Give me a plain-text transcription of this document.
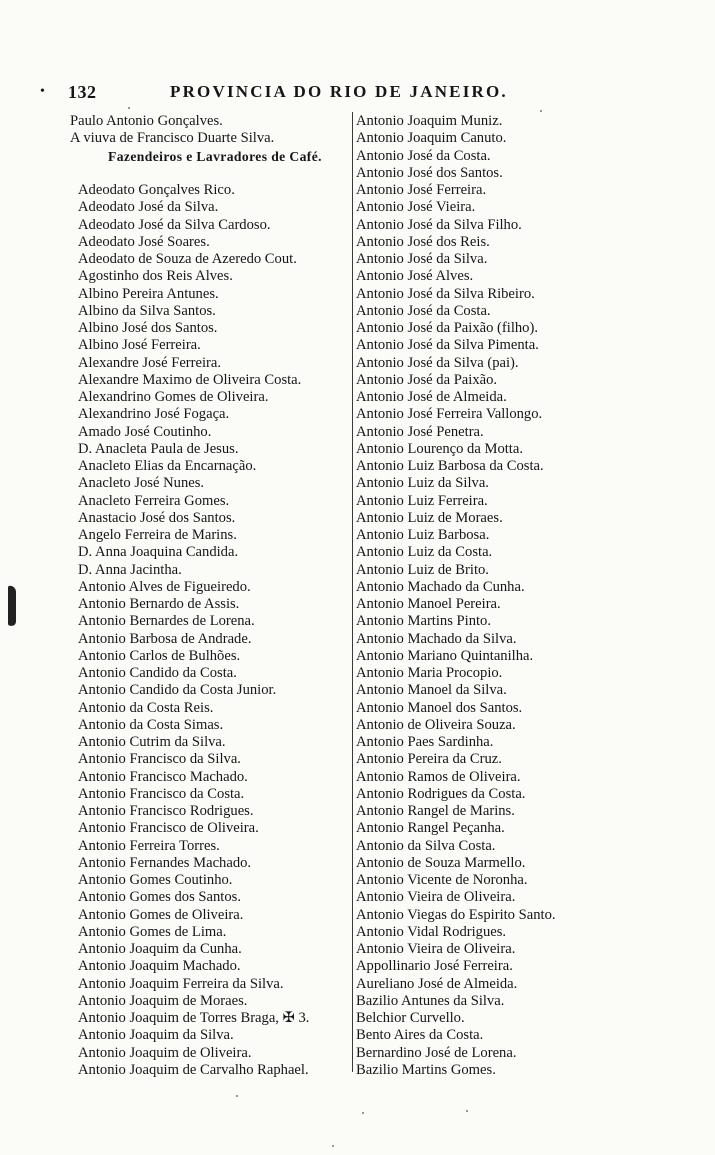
• 132	PROVINCIA DO RIO DE JANEIRO.
Paulo Antonio Gonçalves.
A viuva de Francisco Duarte Silva.
Fazendeiros e Lavradores de Café.
Adeodato Gonçalves Rico.
Adeodato José da Silva.
Adeodato José da Silva Cardoso.
Adeodato José Soares.
Adeodato de Souza de Azeredo Cout.
Agostinho dos Reis Alves.
Albino Pereira Antunes.
Albino da Silva Santos.
Albino José dos Santos.
Albino José Ferreira.
Alexandre José Ferreira.
Alexandre Maximo de Oliveira Costa.
Alexandrino Gomes de Oliveira.
Alexandrino José Fogaça.
Amado José Coutinho.
D. Anacleta Paula de Jesus.
Anacleto Elias da Encarnação.
Anacleto José Nunes.
Anacleto Ferreira Gomes.
Anastacio José dos Santos.
Angelo Ferreira de Marins.
D. Anna Joaquina Candida.
D. Anna Jacintha.
Antonio Alves de Figueiredo.
Antonio Bernardo de Assis.
Antonio Bernardes de Lorena.
Antonio Barbosa de Andrade.
Antonio Carlos de Bulhões.
Antonio Candido da Costa.
Antonio Candido da Costa Junior.
Antonio da Costa Reis.
Antonio da Costa Simas.
Antonio Cutrim da Silva.
Antonio Francisco da Silva.
Antonio Francisco Machado.
Antonio Francisco da Costa.
Antonio Francisco Rodrigues.
Antonio Francisco de Oliveira.
Antonio Ferreira Torres.
Antonio Fernandes Machado.
Antonio Gomes Coutinho.
Antonio Gomes dos Santos.
Antonio Gomes de Oliveira.
Antonio Gomes de Lima.
Antonio Joaquim da Cunha.
Antonio Joaquim Machado.
Antonio Joaquim Ferreira da Silva.
Antonio Joaquim de Moraes.
Antonio Joaquim de Torres Braga, ✠ 3.
Antonio Joaquim da Silva.
Antonio Joaquim de Oliveira.
Antonio Joaquim de Carvalho Raphael.
Antonio Joaquim Muniz.
Antonio Joaquim Canuto.
Antonio José da Costa.
Antonio José dos Santos.
Antonio José Ferreira.
Antonio José Vieira.
Antonio José da Silva Filho.
Antonio José dos Reis.
Antonio José da Silva.
Antonio José Alves.
Antonio José da Silva Ribeiro.
Antonio José da Costa.
Antonio José da Paixão (filho).
Antonio José da Silva Pimenta.
Antonio José da Silva (pai).
Antonio José da Paixão.
Antonio José de Almeida.
Antonio José Ferreira Vallongo.
Antonio José Penetra.
Antonio Lourenço da Motta.
Antonio Luiz Barbosa da Costa.
Antonio Luiz da Silva.
Antonio Luiz Ferreira.
Antonio Luiz de Moraes.
Antonio Luiz Barbosa.
Antonio Luiz da Costa.
Antonio Luiz de Brito.
Antonio Machado da Cunha.
Antonio Manoel Pereira.
Antonio Martins Pinto.
Antonio Machado da Silva.
Antonio Mariano Quintanilha.
Antonio Maria Procopio.
Antonio Manoel da Silva.
Antonio Manoel dos Santos.
Antonio de Oliveira Souza.
Antonio Paes Sardinha.
Antonio Pereira da Cruz.
Antonio Ramos de Oliveira.
Antonio Rodrigues da Costa.
Antonio Rangel de Marins.
Antonio Rangel Peçanha.
Antonio da Silva Costa.
Antonio de Souza Marmello.
Antonio Vicente de Noronha.
Antonio Vieira de Oliveira.
Antonio Viegas do Espirito Santo.
Antonio Vidal Rodrigues.
Antonio Vieira de Oliveira.
Appollinario José Ferreira.
Aureliano José de Almeida.
Bazilio Antunes da Silva.
Belchior Curvello.
Bento Aires da Costa.
Bernardino José de Lorena.
Bazilio Martins Gomes.
